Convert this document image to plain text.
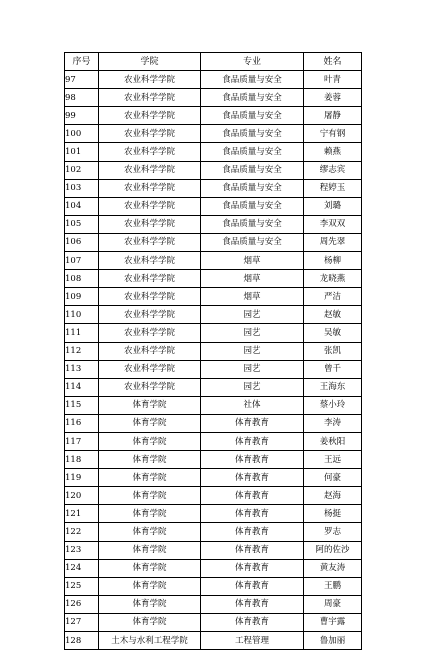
序号	学院	专业	姓名
97	农业科学学院	食品质量与安全	叶青
98	农业科学学院	食品质量与安全	姜蓉
99	农业科学学院	食品质量与安全	屠静
100	农业科学学院	食品质量与安全	宁有钢
101	农业科学学院	食品质量与安全	赖燕
102	农业科学学院	食品质量与安全	缪志宾
103	农业科学学院	食品质量与安全	程婷玉
104	农业科学学院	食品质量与安全	刘璐
105	农业科学学院	食品质量与安全	李双双
106	农业科学学院	食品质量与安全	周先翠
107	农业科学学院	烟草	杨柳
108	农业科学学院	烟草	龙晓燕
109	农业科学学院	烟草	严洁
110	农业科学学院	园艺	赵敏
111	农业科学学院	园艺	吴敏
112	农业科学学院	园艺	张凯
113	农业科学学院	园艺	曾千
114	农业科学学院	园艺	王海东
115	体育学院	社体	蔡小玲
116	体育学院	体育教育	李涛
117	体育学院	体育教育	姜秋阳
118	体育学院	体育教育	王远
119	体育学院	体育教育	何豪
120	体育学院	体育教育	赵海
121	体育学院	体育教育	杨挺
122	体育学院	体育教育	罗志
123	体育学院	体育教育	阿的佐沙
124	体育学院	体育教育	黄友涛
125	体育学院	体育教育	王鹏
126	体育学院	体育教育	周豪
127	体育学院	体育教育	曹宇露
128	土木与水利工程学院	工程管理	鲁加丽
